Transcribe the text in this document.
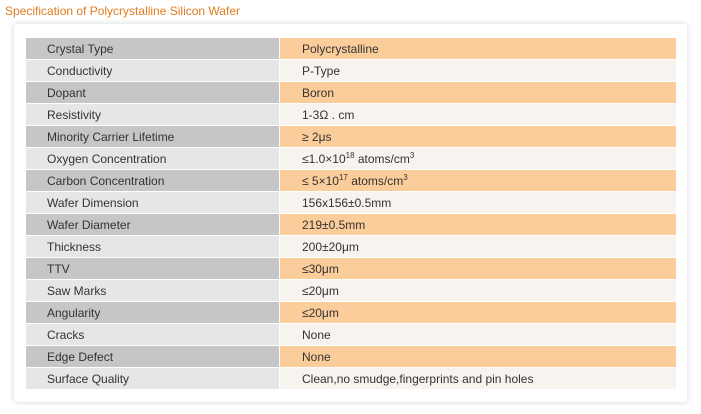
Specification of Polycrystalline Silicon Wafer
Crystal Type	Polycrystalline
Conductivity	P-Type
Dopant	Boron
Resistivity	1-3Ω . cm
Minority Carrier Lifetime	≥ 2μs
Oxygen Concentration	$\le 1.0\times 10^{18}$ atoms/$cm^3$
Carbon Concentration	≤ $5\times 10^{17}$ atoms/$cm^3$
Wafer Dimension	156x156±0.5mm
Wafer Diameter	219±0.5mm
Thickness	200±20μm
TTV	≤30μm
Saw Marks	≤20μm
Angularity	≤20μm
Cracks	None
Edge Defect	None
Surface Quality	Clean,no smudge,fingerprints and pin holes
